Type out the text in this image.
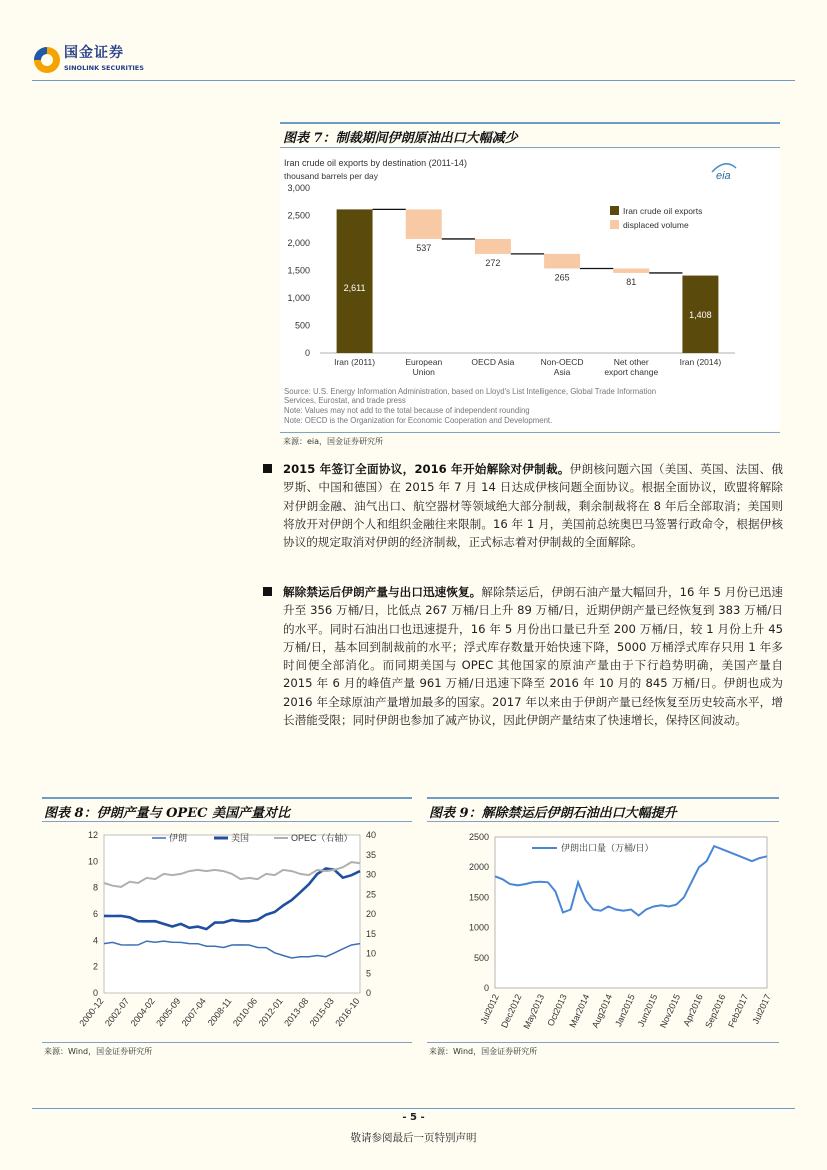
国金证券
SINOLINK SECURITIES
图表 7：制裁期间伊朗原油出口大幅减少
Iran crude oil exports by destination (2011-14)
thousand barrels per day	eia
0
500
1,000
1,500
2,000
2,500
3,000
2,611
537
272
265	81
1,408
Iran (2011)	European
Union
OECD Asia	Non-OECD
Asia
Net other
export change
Iran (2014)
Iran crude oil exports
displaced volume
Source: U.S. Energy Information Administration, based on Lloyd's List Intelligence, Global Trade Information
Services, Eurostat, and trade press
Note: Values may not add to the total because of independent rounding
Note: OECD is the Organization for Economic Cooperation and Development.
来源：eia，国金证券研究所
2015 年签订全面协议，2016 年开始解除对伊制裁。伊朗核问题六国（美国、英国、法国、俄罗斯、中国和德国）在 2015 年 7 月 14 日达成伊核问题全面协议。根据全面协议，欧盟将解除对伊朗金融、油气出口、航空器材等领域绝大部分制裁，剩余制裁将在 8 年后全部取消；美国则将放开对伊朗个人和组织金融往来限制。16 年 1 月，美国前总统奥巴马签署行政命令，根据伊核协议的规定取消对伊朗的经济制裁，正式标志着对伊制裁的全面解除。
解除禁运后伊朗产量与出口迅速恢复。解除禁运后，伊朗石油产量大幅回升，16 年 5 月份已迅速升至 356 万桶/日，比低点 267 万桶/日上升 89 万桶/日，近期伊朗产量已经恢复到 383 万桶/日的水平。同时石油出口也迅速提升，16 年 5 月份出口量已升至 200 万桶/日，较 1 月份上升 45 万桶/日，基本回到制裁前的水平；浮式库存数量开始快速下降，5000 万桶浮式库存只用 1 年多时间便全部消化。而同期美国与 OPEC 其他国家的原油产量由于下行趋势明确，美国产量自 2015 年 6 月的峰值产量 961 万桶/日迅速下降至 2016 年 10 月的 845 万桶/日。伊朗也成为 2016 年全球原油产量增加最多的国家。2017 年以来由于伊朗产量已经恢复至历史较高水平，增长潜能受限；同时伊朗也参加了减产协议，因此伊朗产量结束了快速增长，保持区间波动。
图表 8：伊朗产量与 OPEC 美国产量对比
0
2
4
6
8
10
12
0
5
10
15
20
25
30
35
40
2000-12
2002-07
2004-02
2005-09
2007-04
2008-11
2010-06
2012-01
2013-08
2015-03
2016-10
伊朗	美国	OPEC（右轴）
来源：Wind，国金证券研究所
图表 9：解除禁运后伊朗石油出口大幅提升
0
500
1000
1500
2000
2500
Jul2012
Dec2012
May2013 Oct2013
Mar2014
Aug2014 Jan2015 Jun2015
Nov2015 Apr2016
Sep2016
Feb2017 Jul2017
伊朗出口量（万桶/日）
来源：Wind，国金证券研究所
- 5 -
敬请参阅最后一页特别声明
